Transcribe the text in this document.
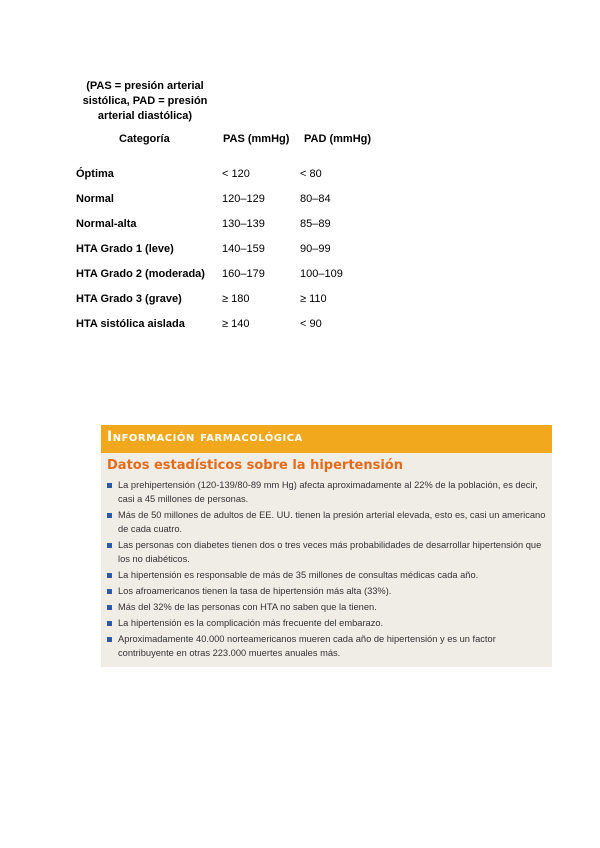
(PAS = presión arterial sistólica, PAD = presión arterial diastólica)
Categoría	PAS (mmHg) PAD (mmHg)
Óptima	< 120	< 80
Normal	120–129	80–84
Normal-alta	130–139	85–89
HTA Grado 1 (leve)	140–159	90–99
HTA Grado 2 (moderada) 160–179	100–109
HTA Grado 3 (grave)	≥ 180	≥ 110
HTA sistólica aislada	≥ 140	< 90
Información farmacológica
Datos estadísticos sobre la hipertensión
La prehipertensión (120-139/80-89 mm Hg) afecta aproximadamente al 22% de la población, es decir, casi a 45 millones de personas.
Más de 50 millones de adultos de EE. UU. tienen la presión arterial elevada, esto es, casi un americano de cada cuatro.
Las personas con diabetes tienen dos o tres veces más probabilidades de desarrollar hipertensión que los no diabéticos.
La hipertensión es responsable de más de 35 millones de consultas médicas cada año.
Los afroamericanos tienen la tasa de hipertensión más alta (33%).
Más del 32% de las personas con HTA no saben que la tienen.
La hipertensión es la complicación más frecuente del embarazo.
Aproximadamente 40.000 norteamericanos mueren cada año de hipertensión y es un factor contribuyente en otras 223.000 muertes anuales más.
